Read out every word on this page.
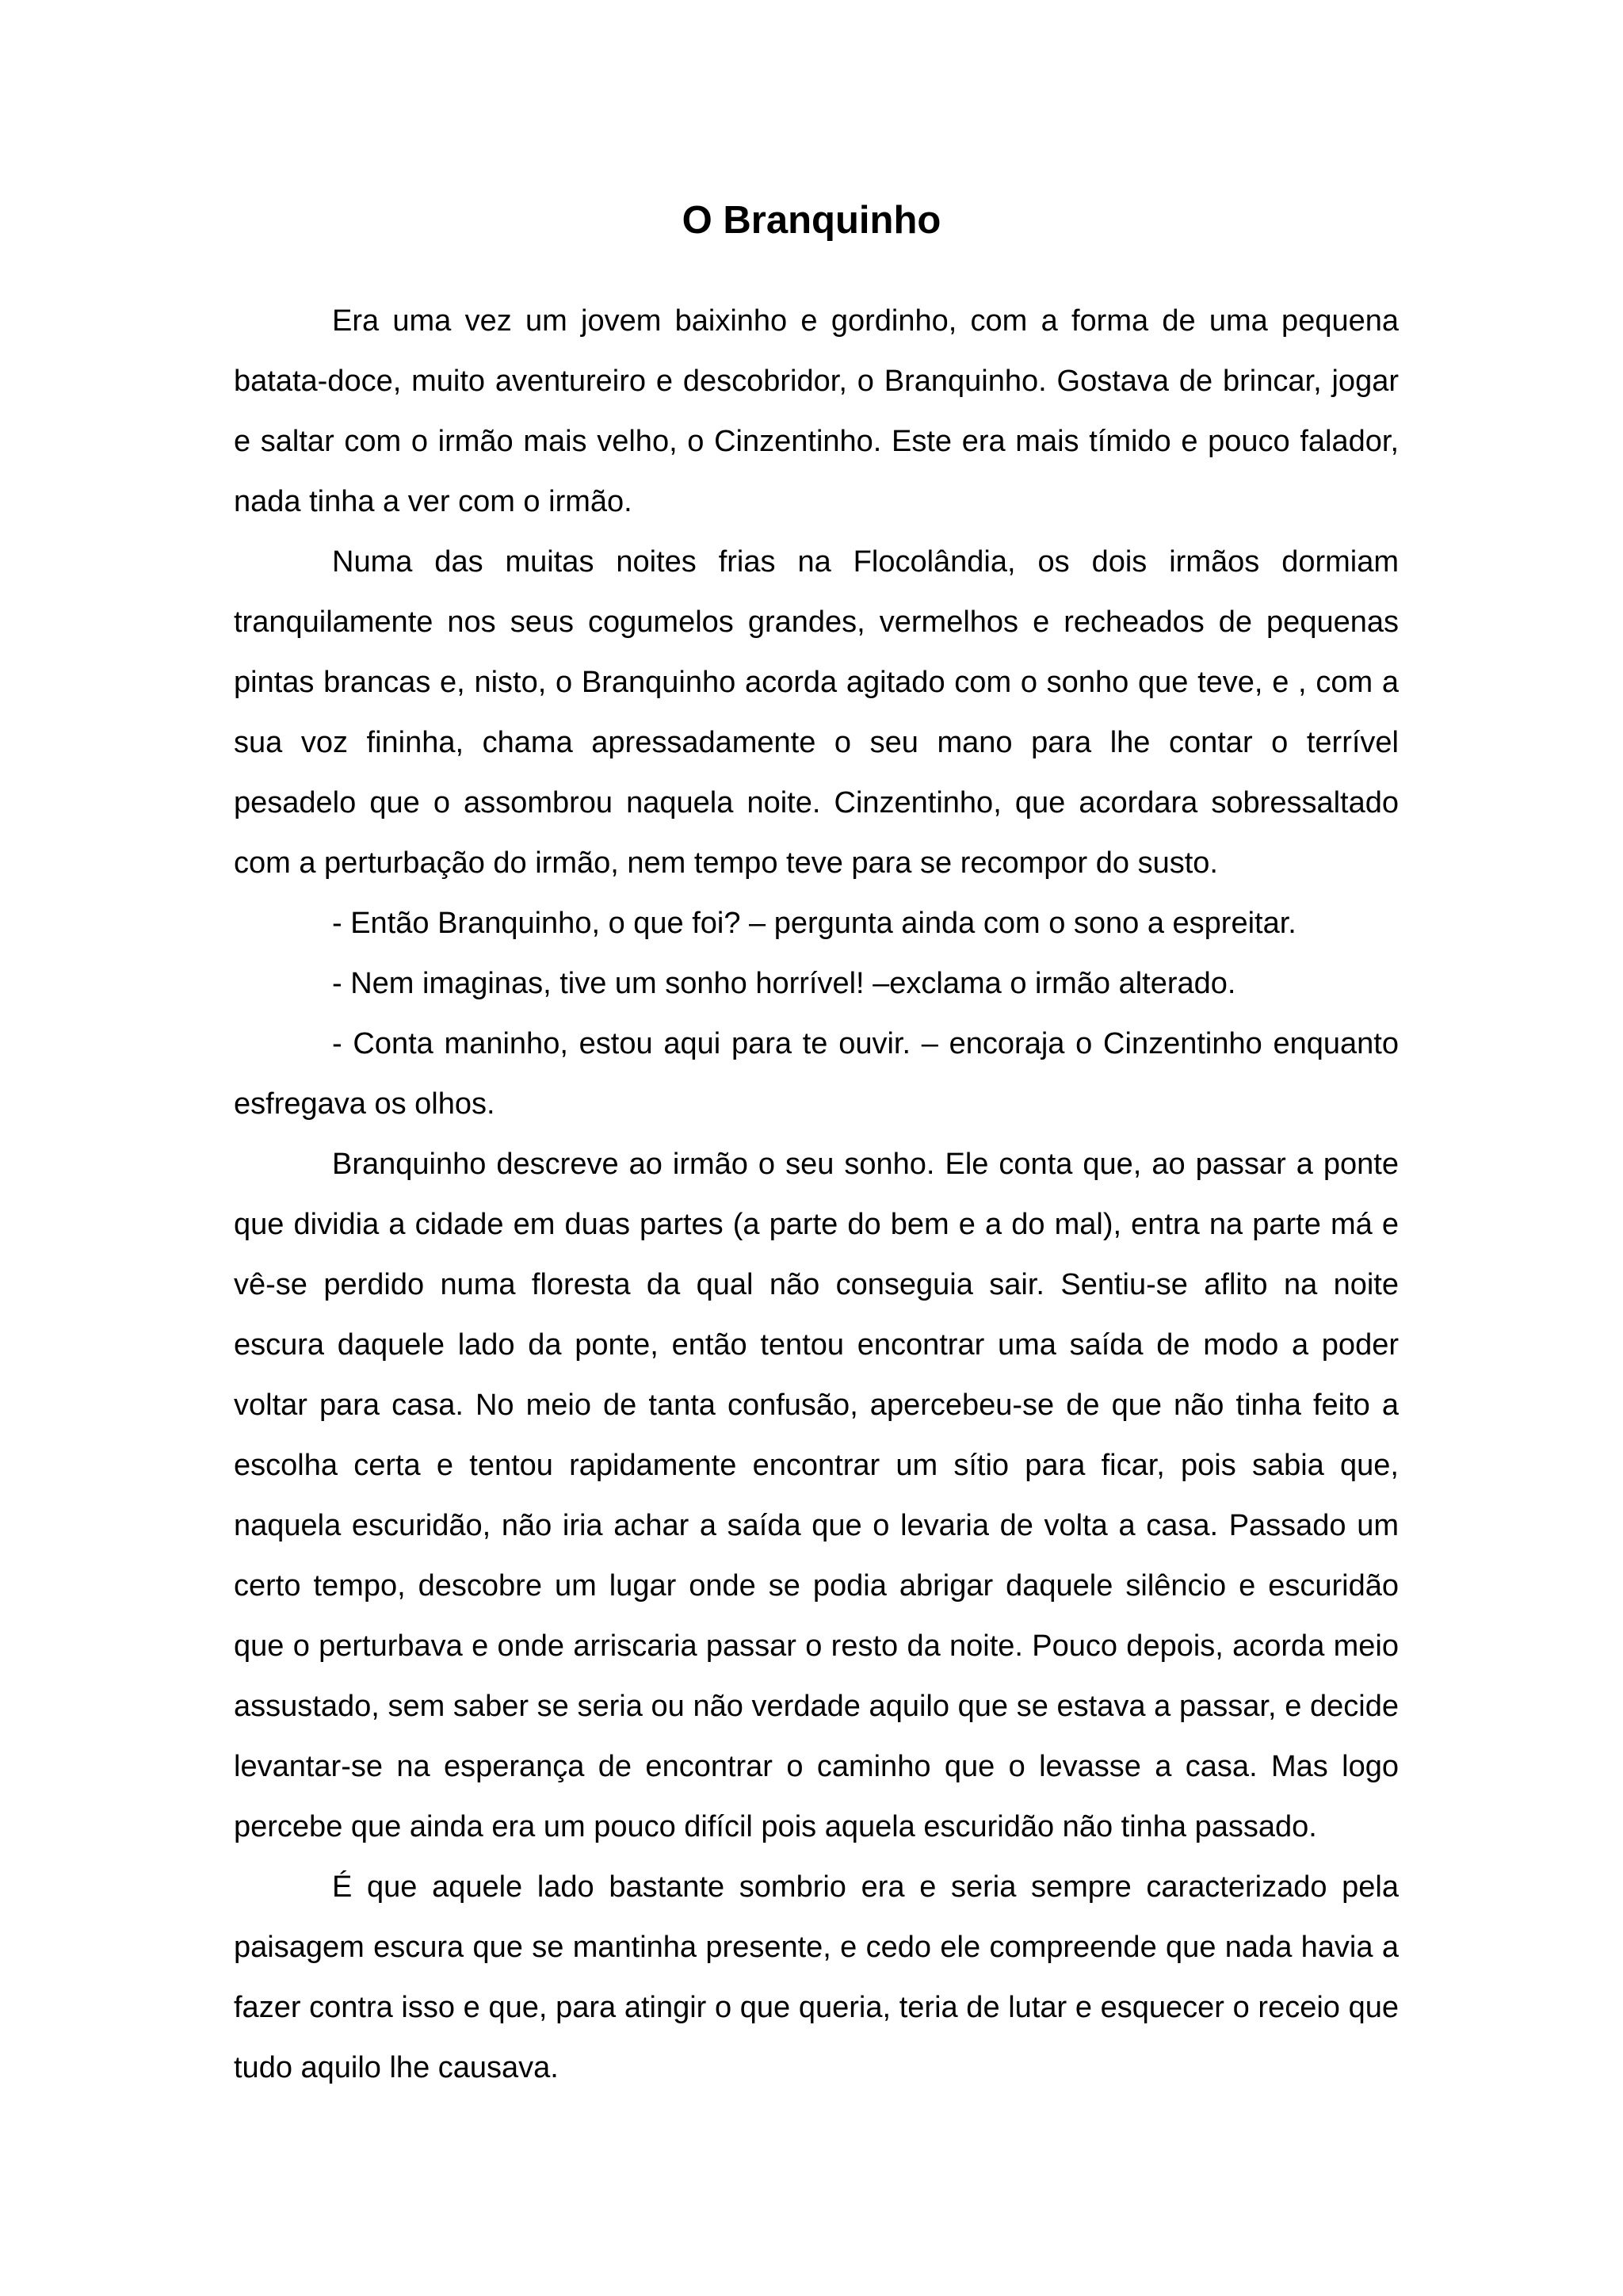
O Branquinho

Era uma vez um jovem baixinho e gordinho, com a forma de uma pequena batata-doce, muito aventureiro e descobridor, o Branquinho. Gostava de brincar, jogar e saltar com o irmão mais velho, o Cinzentinho. Este era mais tímido e pouco falador, nada tinha a ver com o irmão.

Numa das muitas noites frias na Flocolândia, os dois irmãos dormiam tranquilamente nos seus cogumelos grandes, vermelhos e recheados de pequenas pintas brancas e, nisto, o Branquinho acorda agitado com o sonho que teve, e , com a sua voz fininha, chama apressadamente o seu mano para lhe contar o terrível pesadelo que o assombrou naquela noite. Cinzentinho, que acordara sobressaltado com a perturbação do irmão, nem tempo teve para se recompor do susto.

- Então Branquinho, o que foi? – pergunta ainda com o sono a espreitar.

- Nem imaginas, tive um sonho horrível! –exclama o irmão alterado.

- Conta maninho, estou aqui para te ouvir. – encoraja o Cinzentinho enquanto esfregava os olhos.

Branquinho descreve ao irmão o seu sonho. Ele conta que, ao passar a ponte que dividia a cidade em duas partes (a parte do bem e a do mal), entra na parte má e vê-se perdido numa floresta da qual não conseguia sair. Sentiu-se aflito na noite escura daquele lado da ponte, então tentou encontrar uma saída de modo a poder voltar para casa. No meio de tanta confusão, apercebeu-se de que não tinha feito a escolha certa e tentou rapidamente encontrar um sítio para ficar, pois sabia que, naquela escuridão, não iria achar a saída que o levaria de volta a casa. Passado um certo tempo, descobre um lugar onde se podia abrigar daquele silêncio e escuridão que o perturbava e onde arriscaria passar o resto da noite. Pouco depois, acorda meio assustado, sem saber se seria ou não verdade aquilo que se estava a passar, e decide levantar-se na esperança de encontrar o caminho que o levasse a casa. Mas logo percebe que ainda era um pouco difícil pois aquela escuridão não tinha passado.

É que aquele lado bastante sombrio era e seria sempre caracterizado pela paisagem escura que se mantinha presente, e cedo ele compreende que nada havia a fazer contra isso e que, para atingir o que queria, teria de lutar e esquecer o receio que tudo aquilo lhe causava.
